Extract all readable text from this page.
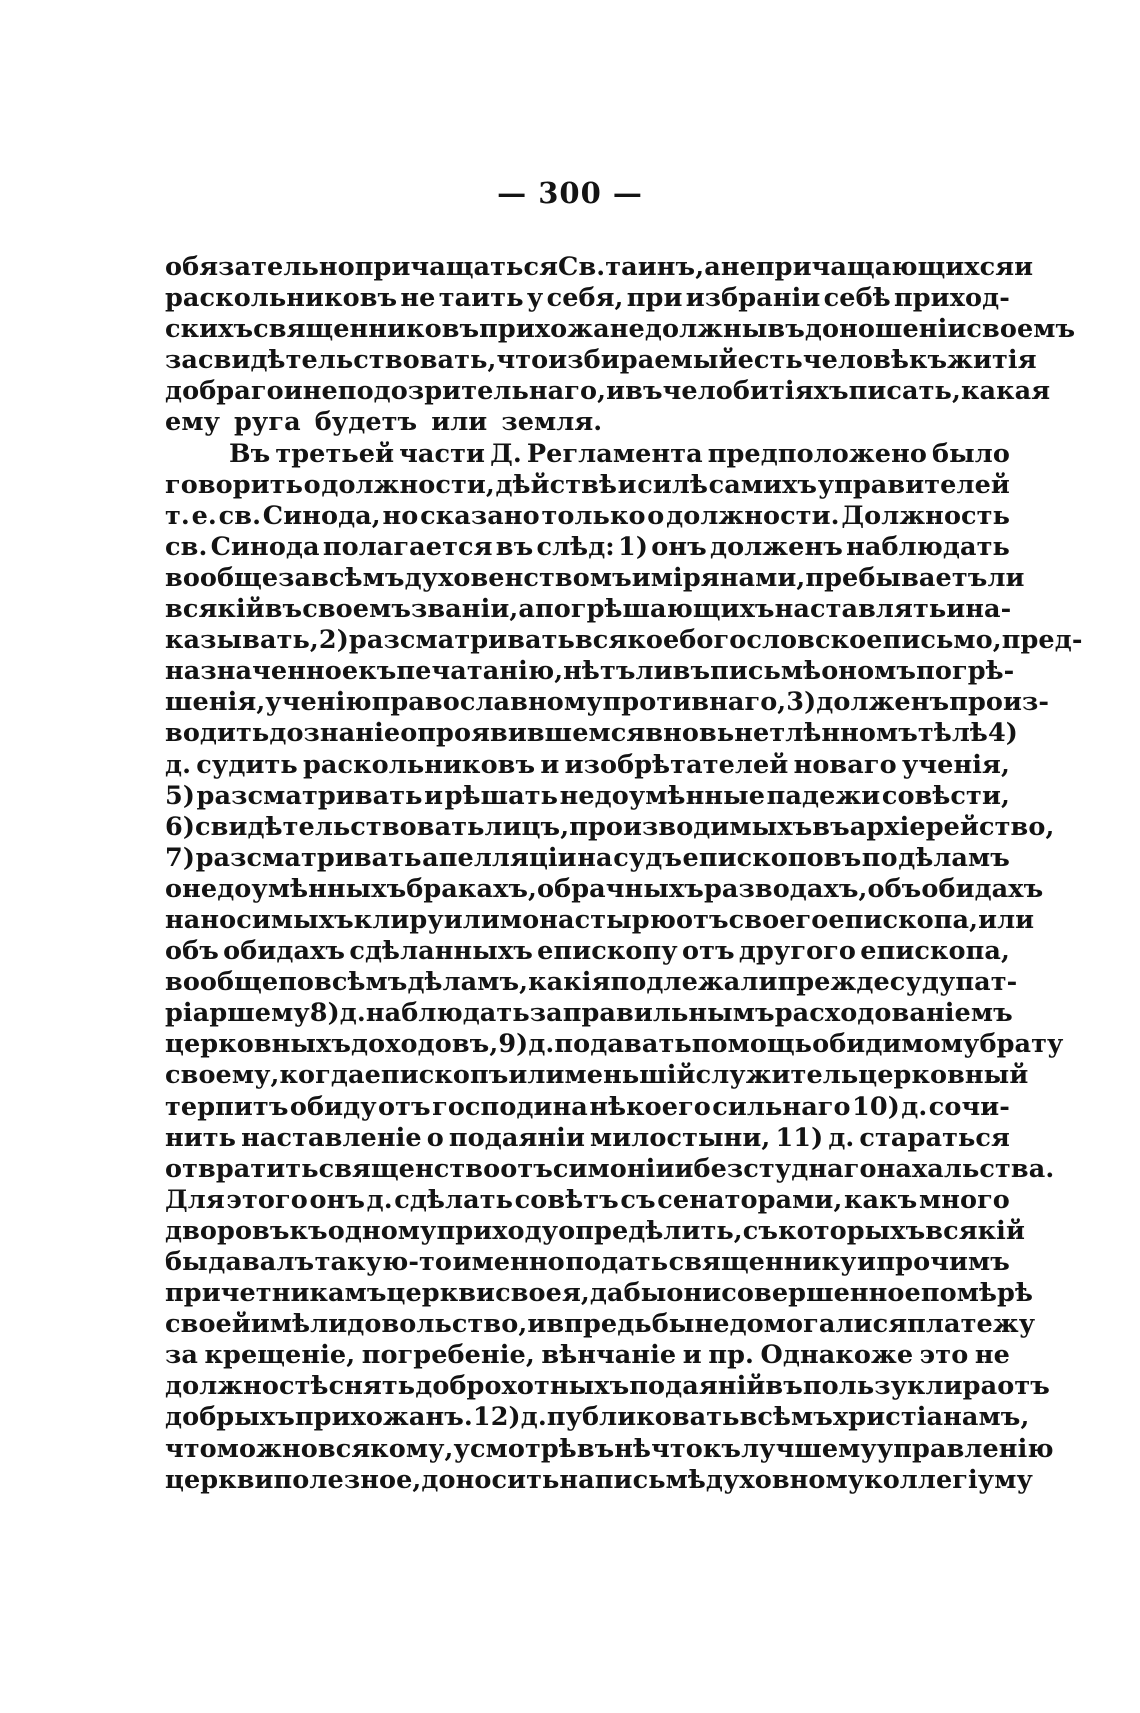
— 300 —
обязательно причащаться Св. таинъ, а не причащающихся и
раскольниковъ не таить у себя, при избраніи себѣ приход-
скихъ священниковъ прихожане должны въ доношеніи своемъ
засвидѣтельствовать, что избираемый есть человѣкъ житія
добраго и неподозрительнаго, и въ челобитіяхъ писать, какая
ему руга будетъ или земля.
Въ третьей части Д. Регламента предположено было
говорить о должности, дѣйствѣ и силѣ самихъ управителей
т. е. св. Синода, но сказано только о должности. Должность
св. Синода полагается въ слѣд: 1) онъ долженъ наблюдать
вообще за всѣмъ духовенствомъ и мірянами, пребываетъ ли
всякій въ своемъ званіи, а погрѣшающихъ наставлять и на-
казывать, 2) разсматривать всякое богословское письмо, пред-
назначенное къ печатанію, нѣтъ ли въ письмѣ ономъ погрѣ-
шенія, ученію православному противнаго, 3) долженъ произ-
водить дознаніе о проявившемся вновь нетлѣнномъ тѣлѣ 4)
д. судить раскольниковъ и изобрѣтателей новаго ученія,
5) разсматривать и рѣшать недоумѣнные падежи совѣсти,
6) свидѣтельствовать лицъ, производимыхъ въ архіерейство,
7) разсматривать апелляціи на судъ епископовъ по дѣламъ
о недоумѣнныхъ бракахъ, о брачныхъ разводахъ, объ обидахъ
наносимыхъ клиру или монастырю отъ своего епископа, или
объ обидахъ сдѣланныхъ епископу отъ другого епископа,
вообще по всѣмъ дѣламъ, какія подлежали прежде суду пат-
ріаршему 8) д. наблюдать за правильнымъ расходованіемъ
церковныхъ доходовъ, 9) д. подавать помощь обидимому брату
своему, когда епископъ или меньшій служитель церковный
терпитъ обиду отъ господина нѣкоего сильнаго 10) д. сочи-
нить наставленіе о подаяніи милостыни, 11) д. стараться
отвратить священство отъ симоніи и безстуднаго нахальства.
Для этого онъ д. сдѣлать совѣтъ съ сенаторами, какъ много
дворовъ къ одному приходу опредѣлить, съ которыхъ всякій
бы давалъ такую-то именно подать священнику и прочимъ
причетникамъ церкви своея, дабы они совершенное по мѣрѣ
своей имѣли довольство, и впредь бы не домогалися платежу
за крещеніе, погребеніе, вѣнчаніе и пр. Однакоже это не
должно стѣснять доброхотныхъ подаяній въ пользу клира отъ
добрыхъ прихожанъ. 12) д. публиковать всѣмъ христіанамъ,
что можно всякому, усмотрѣвъ нѣчто къ лучшему управленію
церкви полезное, доносить на письмѣ духовному коллегіуму
